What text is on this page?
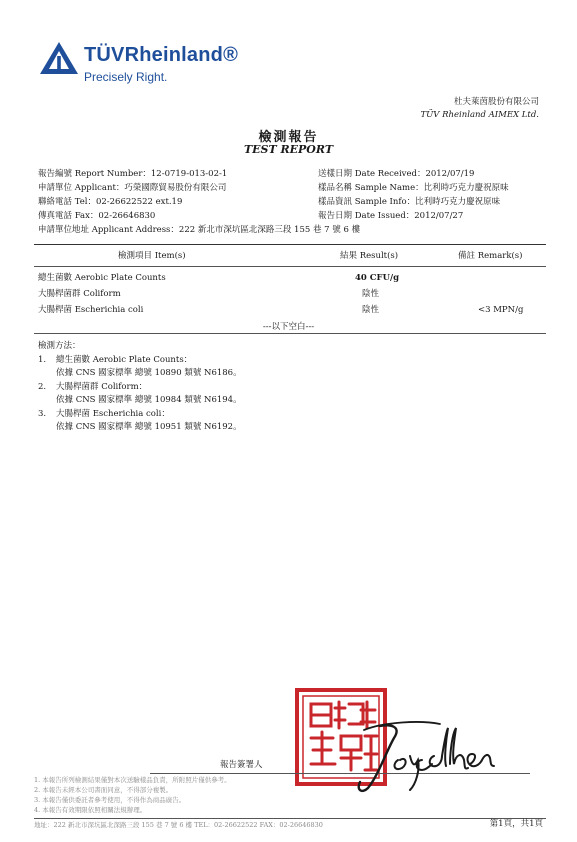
TÜVRheinland®
Precisely Right.
杜夫萊茵股份有限公司
TÜV Rheinland AIMEX Ltd.
檢測報告
TEST REPORT
報告編號 Report Number：12-0719-013-02-1
申請單位 Applicant：巧榮國際貿易股份有限公司
聯絡電話 Tel：02-26622522 ext.19
傳真電話 Fax：02-26646830
送樣日期 Date Received：2012/07/19
樣品名稱 Sample Name：比利時巧克力慶祝原味
樣品資訊 Sample Info：比利時巧克力慶祝原味
報告日期 Date Issued：2012/07/27
申請單位地址 Applicant Address：222 新北市深坑區北深路三段 155 巷 7 號 6 樓
檢測項目 Item(s)	結果 Result(s)	備註 Remark(s)
總生菌數 Aerobic Plate Counts	40 CFU/g
大腸桿菌群 Coliform	陰性
大腸桿菌 Escherichia coli	陰性	<3 MPN/g
---以下空白---
檢測方法：
1. 總生菌數 Aerobic Plate Counts：
依據 CNS 國家標準 總號 10890 類號 N6186。
2. 大腸桿菌群 Coliform：
依據 CNS 國家標準 總號 10984 類號 N6194。
3. 大腸桿菌 Escherichia coli：
依據 CNS 國家標準 總號 10951 類號 N6192。
報告簽署人
1. 本報告所列檢測結果僅對本次送驗樣品負責，所附照片僅供參考。
2. 本報告未經本公司書面同意，不得部分複製。
3. 本報告僅供委託者參考使用，不得作為商品廣告。
4. 本報告有效期限依照相關法規辦理。
地址：222 新北市深坑區北深路三段 155 巷 7 號 6 樓 TEL：02-26622522 FAX：02-26646830	第1頁，共1頁
